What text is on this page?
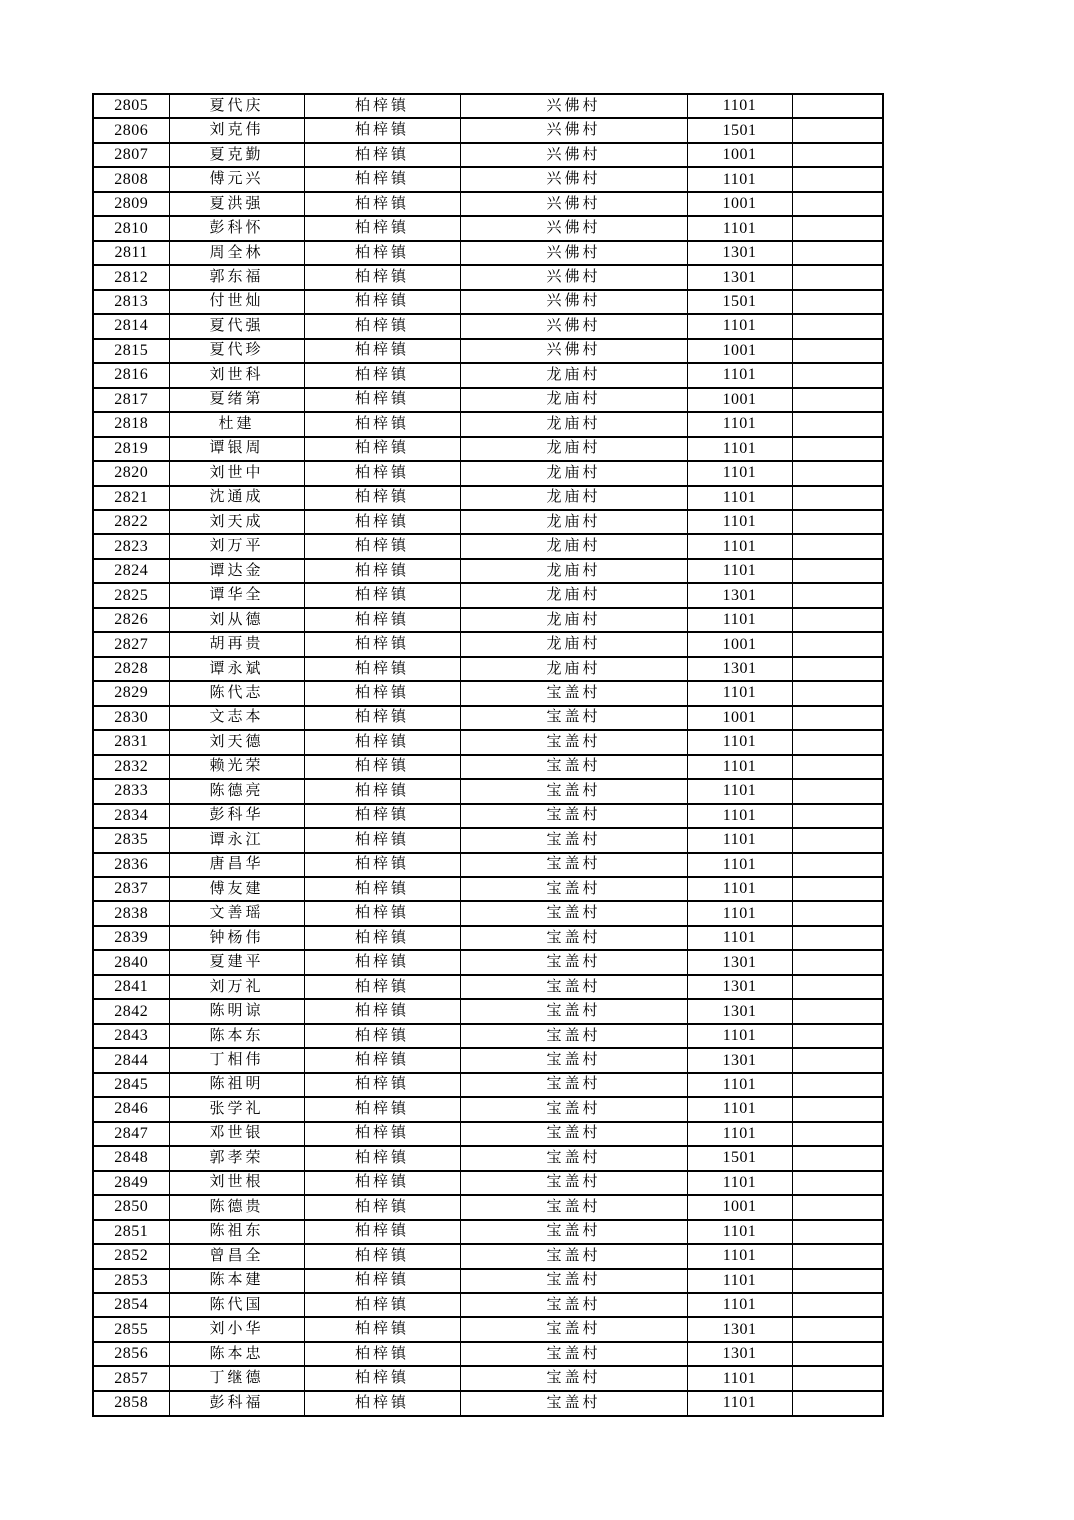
2805	夏代庆	柏梓镇	兴佛村	1101	
2806	刘克伟	柏梓镇	兴佛村	1501	
2807	夏克勤	柏梓镇	兴佛村	1001	
2808	傅元兴	柏梓镇	兴佛村	1101	
2809	夏洪强	柏梓镇	兴佛村	1001	
2810	彭科怀	柏梓镇	兴佛村	1101	
2811	周全林	柏梓镇	兴佛村	1301	
2812	郭东福	柏梓镇	兴佛村	1301	
2813	付世灿	柏梓镇	兴佛村	1501	
2814	夏代强	柏梓镇	兴佛村	1101	
2815	夏代珍	柏梓镇	兴佛村	1001	
2816	刘世科	柏梓镇	龙庙村	1101	
2817	夏绪第	柏梓镇	龙庙村	1001	
2818	杜建	柏梓镇	龙庙村	1101	
2819	谭银周	柏梓镇	龙庙村	1101	
2820	刘世中	柏梓镇	龙庙村	1101	
2821	沈通成	柏梓镇	龙庙村	1101	
2822	刘天成	柏梓镇	龙庙村	1101	
2823	刘万平	柏梓镇	龙庙村	1101	
2824	谭达金	柏梓镇	龙庙村	1101	
2825	谭华全	柏梓镇	龙庙村	1301	
2826	刘从德	柏梓镇	龙庙村	1101	
2827	胡再贵	柏梓镇	龙庙村	1001	
2828	谭永斌	柏梓镇	龙庙村	1301	
2829	陈代志	柏梓镇	宝盖村	1101	
2830	文志本	柏梓镇	宝盖村	1001	
2831	刘天德	柏梓镇	宝盖村	1101	
2832	赖光荣	柏梓镇	宝盖村	1101	
2833	陈德亮	柏梓镇	宝盖村	1101	
2834	彭科华	柏梓镇	宝盖村	1101	
2835	谭永江	柏梓镇	宝盖村	1101	
2836	唐昌华	柏梓镇	宝盖村	1101	
2837	傅友建	柏梓镇	宝盖村	1101	
2838	文善瑶	柏梓镇	宝盖村	1101	
2839	钟杨伟	柏梓镇	宝盖村	1101	
2840	夏建平	柏梓镇	宝盖村	1301	
2841	刘万礼	柏梓镇	宝盖村	1301	
2842	陈明谅	柏梓镇	宝盖村	1301	
2843	陈本东	柏梓镇	宝盖村	1101	
2844	丁相伟	柏梓镇	宝盖村	1301	
2845	陈祖明	柏梓镇	宝盖村	1101	
2846	张学礼	柏梓镇	宝盖村	1101	
2847	邓世银	柏梓镇	宝盖村	1101	
2848	郭孝荣	柏梓镇	宝盖村	1501	
2849	刘世根	柏梓镇	宝盖村	1101	
2850	陈德贵	柏梓镇	宝盖村	1001	
2851	陈祖东	柏梓镇	宝盖村	1101	
2852	曾昌全	柏梓镇	宝盖村	1101	
2853	陈本建	柏梓镇	宝盖村	1101	
2854	陈代国	柏梓镇	宝盖村	1101	
2855	刘小华	柏梓镇	宝盖村	1301	
2856	陈本忠	柏梓镇	宝盖村	1301	
2857	丁继德	柏梓镇	宝盖村	1101	
2858	彭科福	柏梓镇	宝盖村	1101	
